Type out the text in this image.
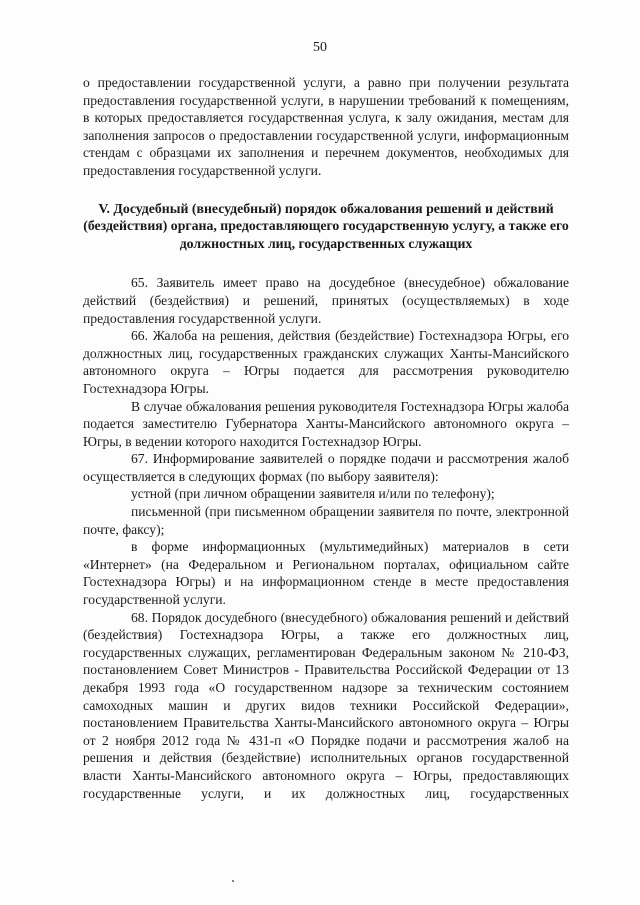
50

о предоставлении государственной услуги, а равно при получении результата предоставления государственной услуги, в нарушении требований к помещениям, в которых предоставляется государственная услуга, к залу ожидания, местам для заполнения запросов о предоставлении государственной услуги, информационным стендам с образцами их заполнения и перечнем документов, необходимых для предоставления государственной услуги.

V. Досудебный (внесудебный) порядок обжалования решений и действий (бездействия) органа, предоставляющего государственную услугу, а также его должностных лиц, государственных служащих

65. Заявитель имеет право на досудебное (внесудебное) обжалование действий (бездействия) и решений, принятых (осуществляемых) в ходе предоставления государственной услуги.

66. Жалоба на решения, действия (бездействие) Гостехнадзора Югры, его должностных лиц, государственных гражданских служащих Ханты-Мансийского автономного округа – Югры подается для рассмотрения руководителю Гостехнадзора Югры.

В случае обжалования решения руководителя Гостехнадзора Югры жалоба подается заместителю Губернатора Ханты-Мансийского автономного округа – Югры, в ведении которого находится Гостехнадзор Югры.

67. Информирование заявителей о порядке подачи и рассмотрения жалоб осуществляется в следующих формах (по выбору заявителя):

устной (при личном обращении заявителя и/или по телефону);

письменной (при письменном обращении заявителя по почте, электронной почте, факсу);

в форме информационных (мультимедийных) материалов в сети «Интернет» (на Федеральном и Региональном порталах, официальном сайте Гостехнадзора Югры) и на информационном стенде в месте предоставления государственной услуги.

68. Порядок досудебного (внесудебного) обжалования решений и действий (бездействия) Гостехнадзора Югры, а также его должностных лиц, государственных служащих, регламентирован Федеральным законом № 210-ФЗ, постановлением Совет Министров - Правительства Российской Федерации от 13 декабря 1993 года «О государственном надзоре за техническим состоянием самоходных машин и других видов техники Российской Федерации», постановлением Правительства Ханты-Мансийского автономного округа – Югры от 2 ноября 2012 года № 431-п «О Порядке подачи и рассмотрения жалоб на решения и действия (бездействие) исполнительных органов государственной власти Ханты-Мансийского автономного округа – Югры, предоставляющих государственные услуги, и их должностных лиц, государственных
